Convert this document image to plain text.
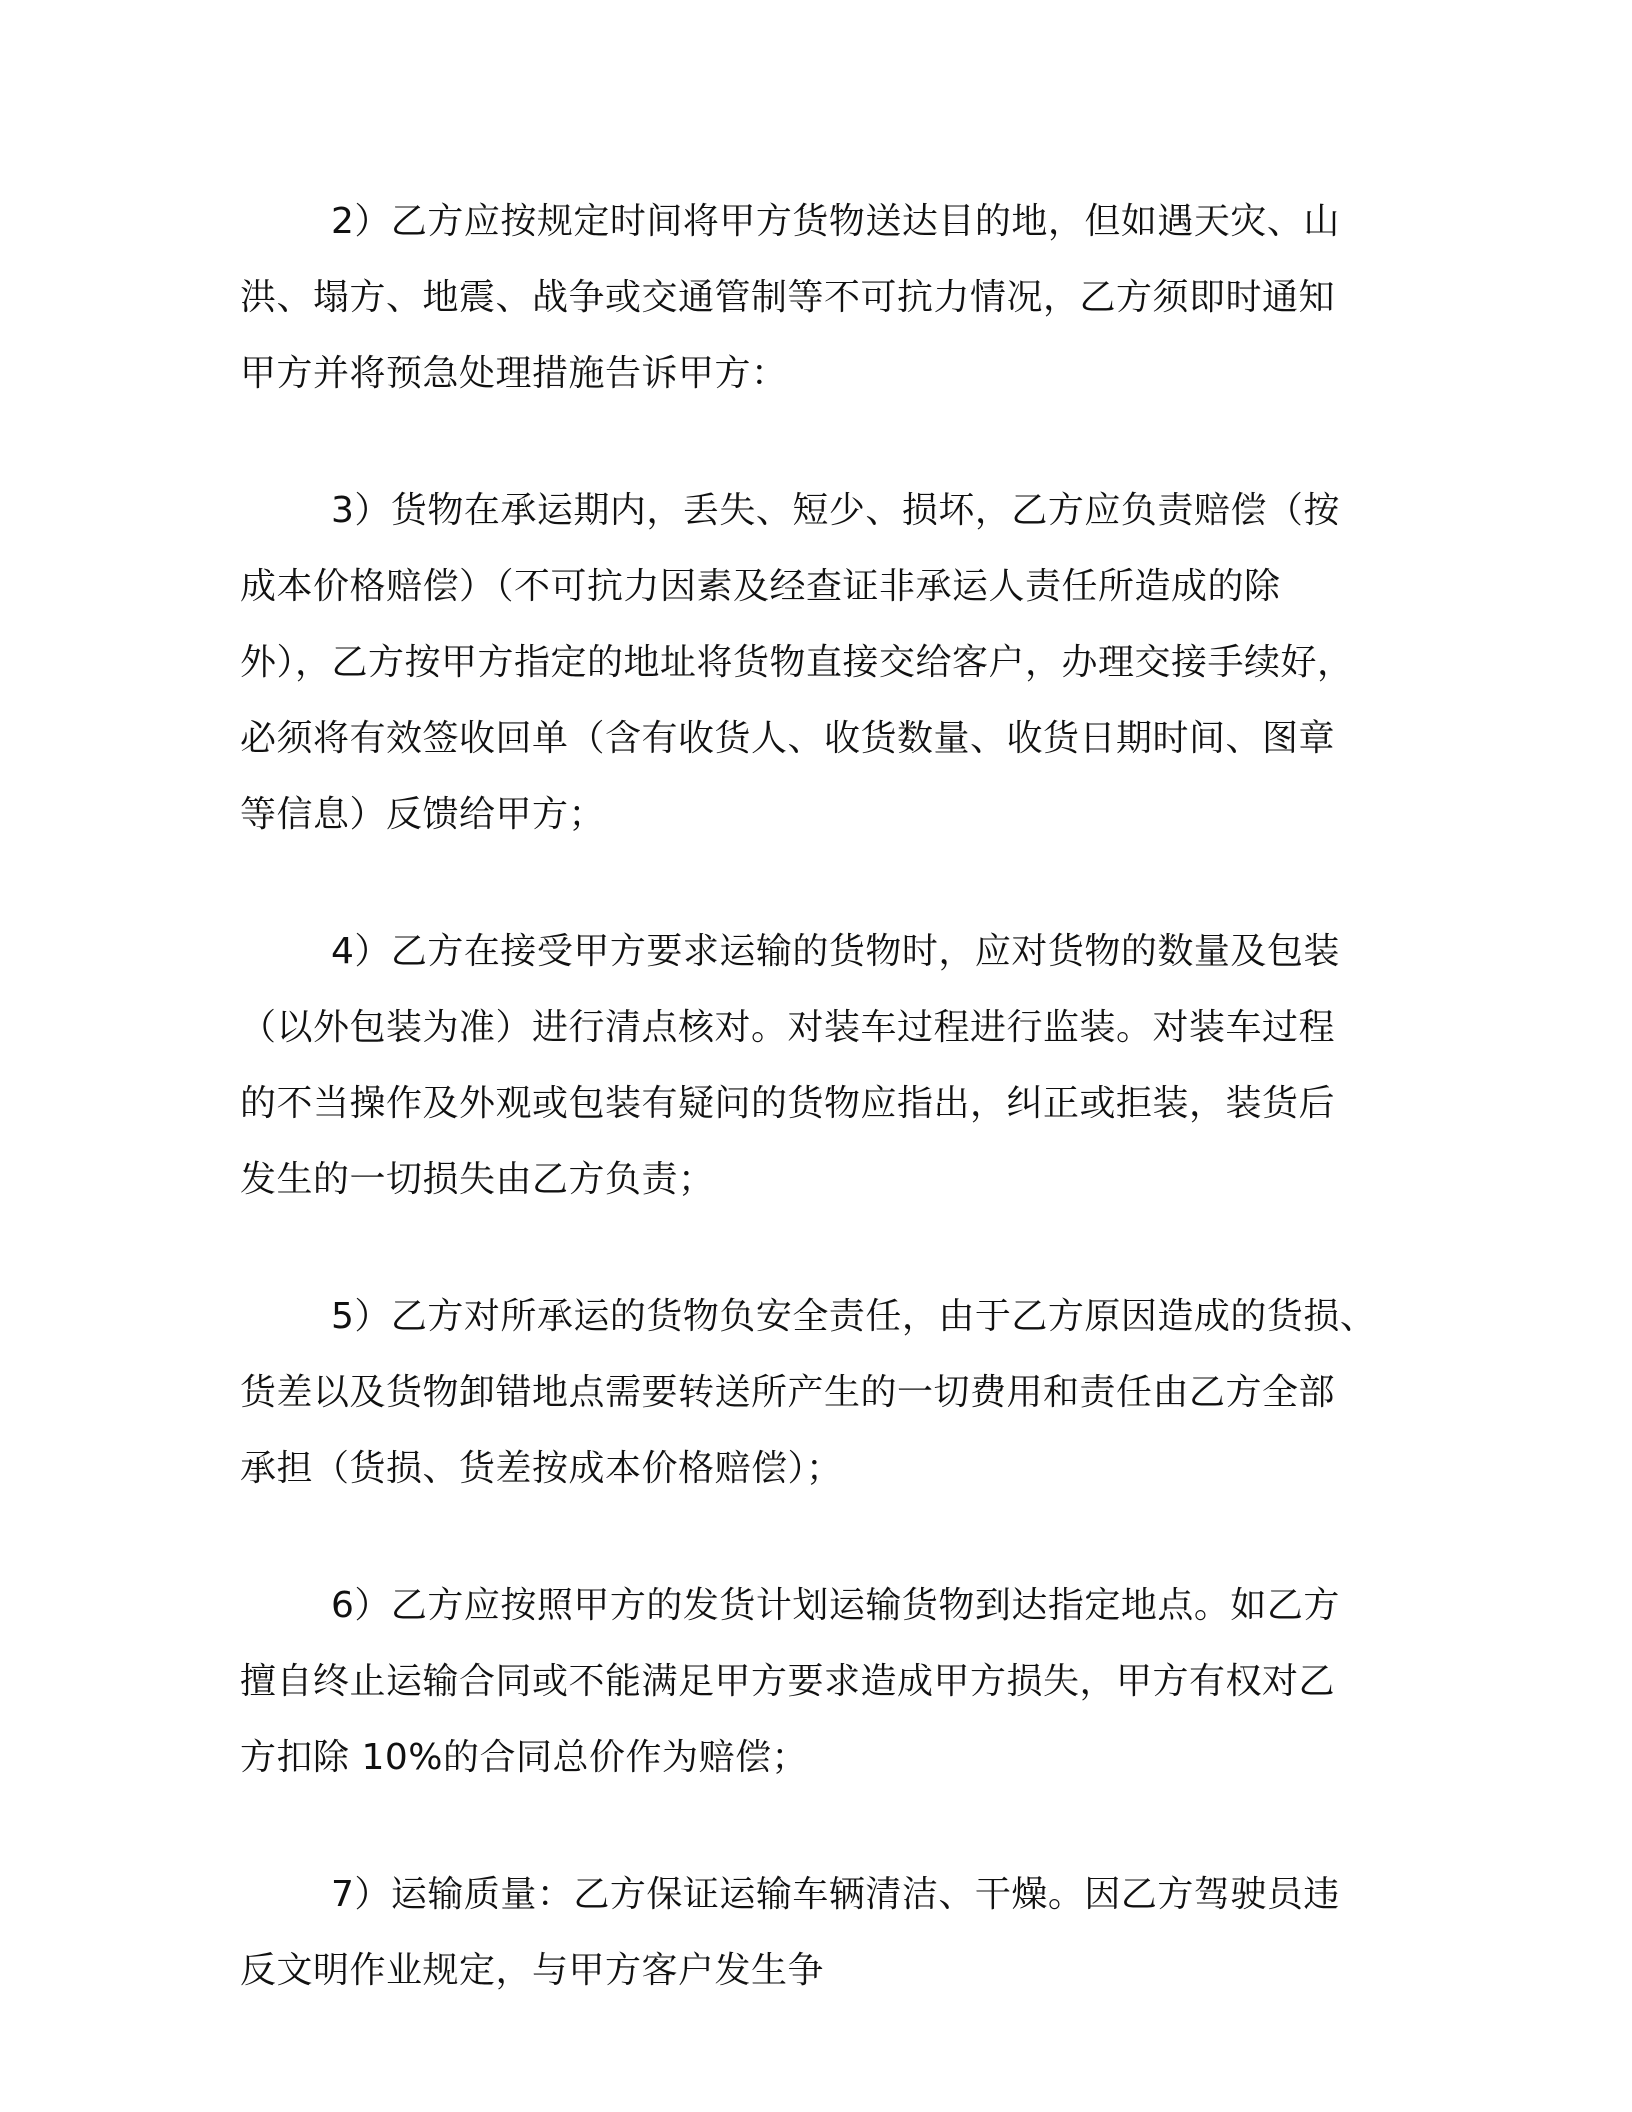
2）乙方应按规定时间将甲方货物送达目的地，但如遇天灾、山
洪、塌方、地震、战争或交通管制等不可抗力情况，乙方须即时通知
甲方并将预急处理措施告诉甲方：

3）货物在承运期内，丢失、短少、损坏，乙方应负责赔偿（按
成本价格赔偿）（不可抗力因素及经查证非承运人责任所造成的除
外），乙方按甲方指定的地址将货物直接交给客户，办理交接手续好，
必须将有效签收回单（含有收货人、收货数量、收货日期时间、图章
等信息）反馈给甲方；

4）乙方在接受甲方要求运输的货物时，应对货物的数量及包装
（以外包装为准）进行清点核对。对装车过程进行监装。对装车过程
的不当操作及外观或包装有疑问的货物应指出，纠正或拒装，装货后
发生的一切损失由乙方负责；

5）乙方对所承运的货物负安全责任，由于乙方原因造成的货损、
货差以及货物卸错地点需要转送所产生的一切费用和责任由乙方全部
承担（货损、货差按成本价格赔偿）；

6）乙方应按照甲方的发货计划运输货物到达指定地点。如乙方
擅自终止运输合同或不能满足甲方要求造成甲方损失，甲方有权对乙
方扣除 10%的合同总价作为赔偿；

7）运输质量：乙方保证运输车辆清洁、干燥。因乙方驾驶员违
反文明作业规定，与甲方客户发生争
